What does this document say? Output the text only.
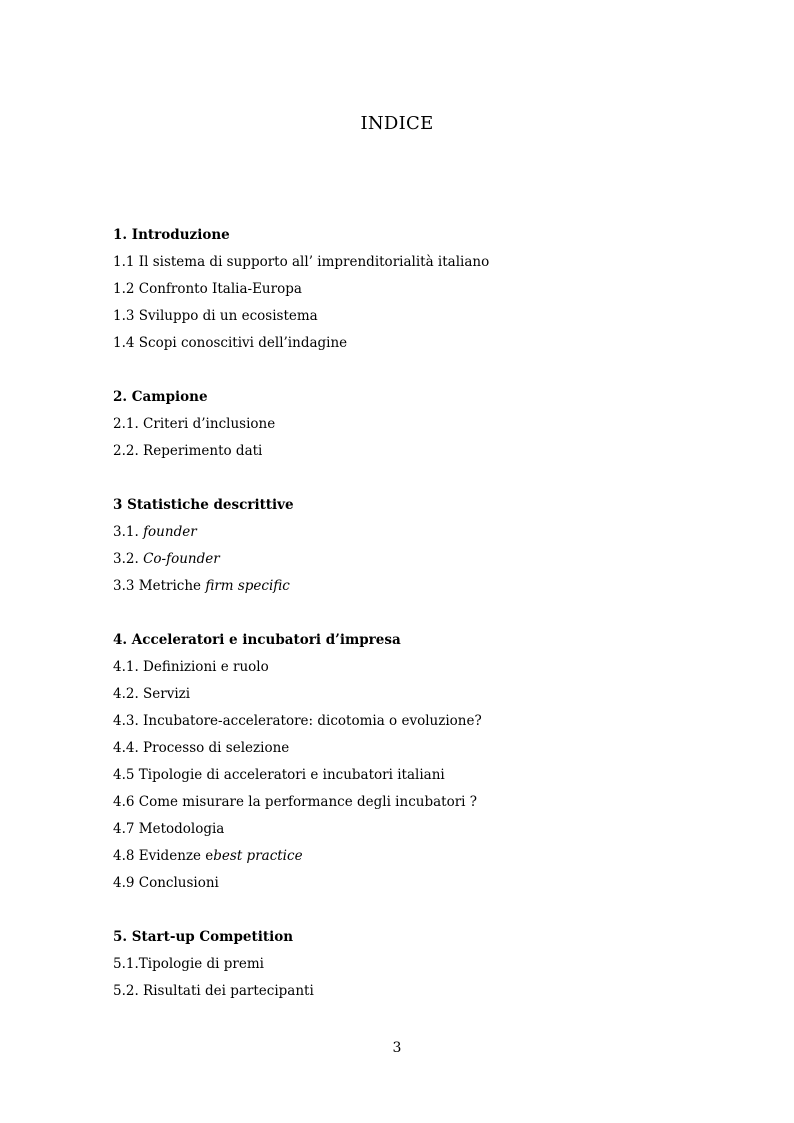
INDICE
1. Introduzione
1.1 Il sistema di supporto all’ imprenditorialità italiano
1.2 Confronto Italia-Europa
1.3 Sviluppo di un ecosistema
1.4 Scopi conoscitivi dell’indagine
2. Campione
2.1. Criteri d’inclusione
2.2. Reperimento dati
3 Statistiche descrittive
3.1. founder
3.2. Co-founder
3.3 Metriche firm specific
4. Acceleratori e incubatori d’impresa
4.1. Definizioni e ruolo
4.2. Servizi
4.3. Incubatore-acceleratore: dicotomia o evoluzione?
4.4. Processo di selezione
4.5 Tipologie di acceleratori e incubatori italiani
4.6 Come misurare la performance degli incubatori ?
4.7 Metodologia
4.8 Evidenze ebest practice
4.9 Conclusioni
5. Start-up Competition
5.1.Tipologie di premi
5.2. Risultati dei partecipanti
3
